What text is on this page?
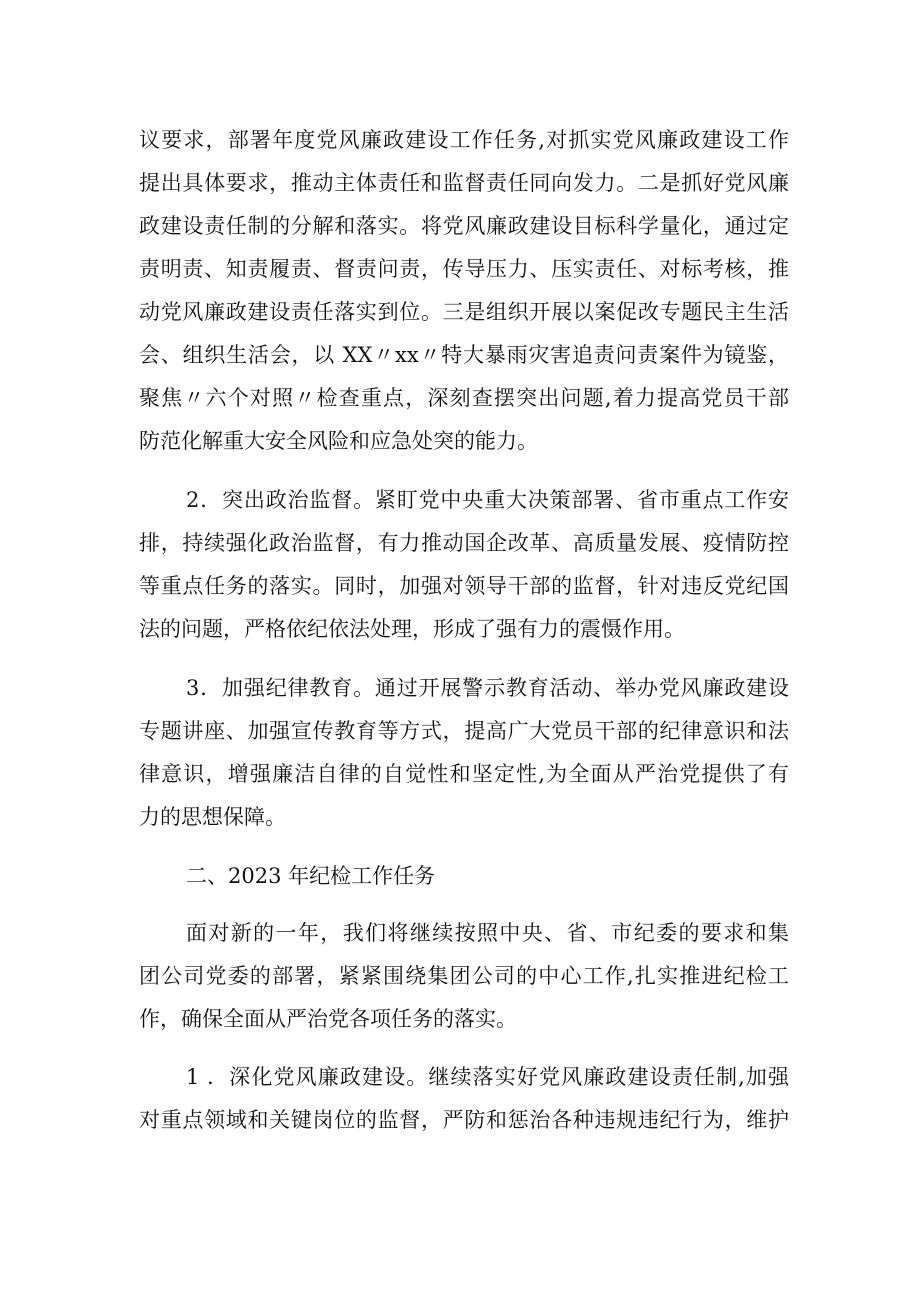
议要求，部署年度党风廉政建设工作任务,对抓实党风廉政建设工作
提出具体要求，推动主体责任和监督责任同向发力。二是抓好党风廉
政建设责任制的分解和落实。将党风廉政建设目标科学量化，通过定
责明责、知责履责、督责问责，传导压力、压实责任、对标考核，推
动党风廉政建设责任落实到位。三是组织开展以案促改专题民主生活
会、组织生活会，以 XX〃xx〃特大暴雨灾害追责问责案件为镜鉴，
聚焦〃六个对照〃检查重点，深刻查摆突出问题,着力提高党员干部
防范化解重大安全风险和应急处突的能力。
2．突出政治监督。紧盯党中央重大决策部署、省市重点工作安
排，持续强化政治监督，有力推动国企改革、高质量发展、疫情防控
等重点任务的落实。同时，加强对领导干部的监督，针对违反党纪国
法的问题，严格依纪依法处理，形成了强有力的震慑作用。
3．加强纪律教育。通过开展警示教育活动、举办党风廉政建设
专题讲座、加强宣传教育等方式，提高广大党员干部的纪律意识和法
律意识，增强廉洁自律的自觉性和坚定性,为全面从严治党提供了有
力的思想保障。
二、2023 年纪检工作任务
面对新的一年，我们将继续按照中央、省、市纪委的要求和集
团公司党委的部署，紧紧围绕集团公司的中心工作,扎实推进纪检工
作，确保全面从严治党各项任务的落实。
1 ．深化党风廉政建设。继续落实好党风廉政建设责任制,加强
对重点领域和关键岗位的监督，严防和惩治各种违规违纪行为，维护
